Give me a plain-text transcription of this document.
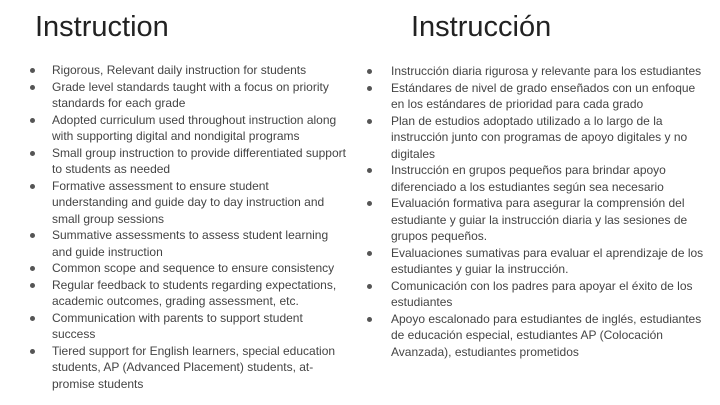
Instruction	Instrucción
Rigorous, Relevant daily instruction for students
Grade level standards taught with a focus on priority standards for each grade
Adopted curriculum used throughout instruction along with supporting digital and nondigital programs
Small group instruction to provide differentiated support to students as needed
Formative assessment to ensure student understanding and guide day to day instruction and small group sessions
Summative assessments to assess student learning and guide instruction
Common scope and sequence to ensure consistency
Regular feedback to students regarding expectations, academic outcomes, grading assessment, etc.
Communication with parents to support student success
Tiered support for English learners, special education students, AP (Advanced Placement) students, at-promise students
Instrucción diaria rigurosa y relevante para los estudiantes
Estándares de nivel de grado enseñados con un enfoque en los estándares de prioridad para cada grado
Plan de estudios adoptado utilizado a lo largo de la instrucción junto con programas de apoyo digitales y no digitales
Instrucción en grupos pequeños para brindar apoyo diferenciado a los estudiantes según sea necesario
Evaluación formativa para asegurar la comprensión del estudiante y guiar la instrucción diaria y las sesiones de grupos pequeños.
Evaluaciones sumativas para evaluar el aprendizaje de los estudiantes y guiar la instrucción.
Comunicación con los padres para apoyar el éxito de los estudiantes
Apoyo escalonado para estudiantes de inglés, estudiantes de educación especial, estudiantes AP (Colocación Avanzada), estudiantes prometidos
